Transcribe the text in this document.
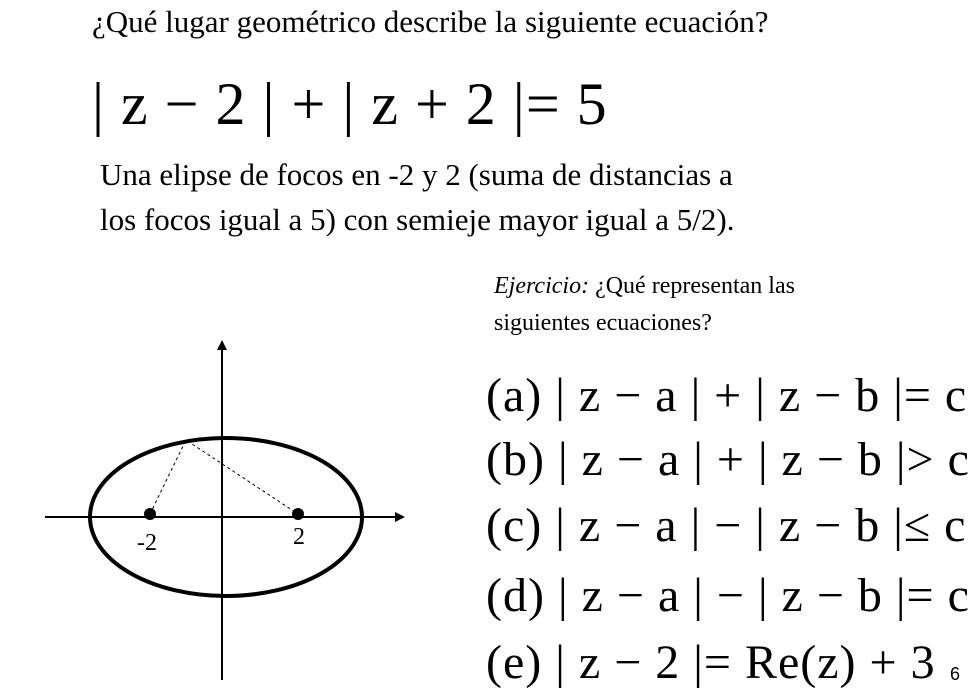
¿Qué lugar geométrico describe la siguiente ecuación?
| z − 2 | + | z + 2 |= 5
Una elipse de focos en -2 y 2 (suma de distancias a
los focos igual a 5) con semieje mayor igual a 5/2).
Ejercicio: ¿Qué representan las
siguientes ecuaciones?
(a) | z − a | + | z − b |= c
(b) | z − a | + | z − b |> c
(c) | z − a | − | z − b |≤ c
(d) | z − a | − | z − b |= c
(e) | z − 2 |= Re(z) + 3
-2	2
6
